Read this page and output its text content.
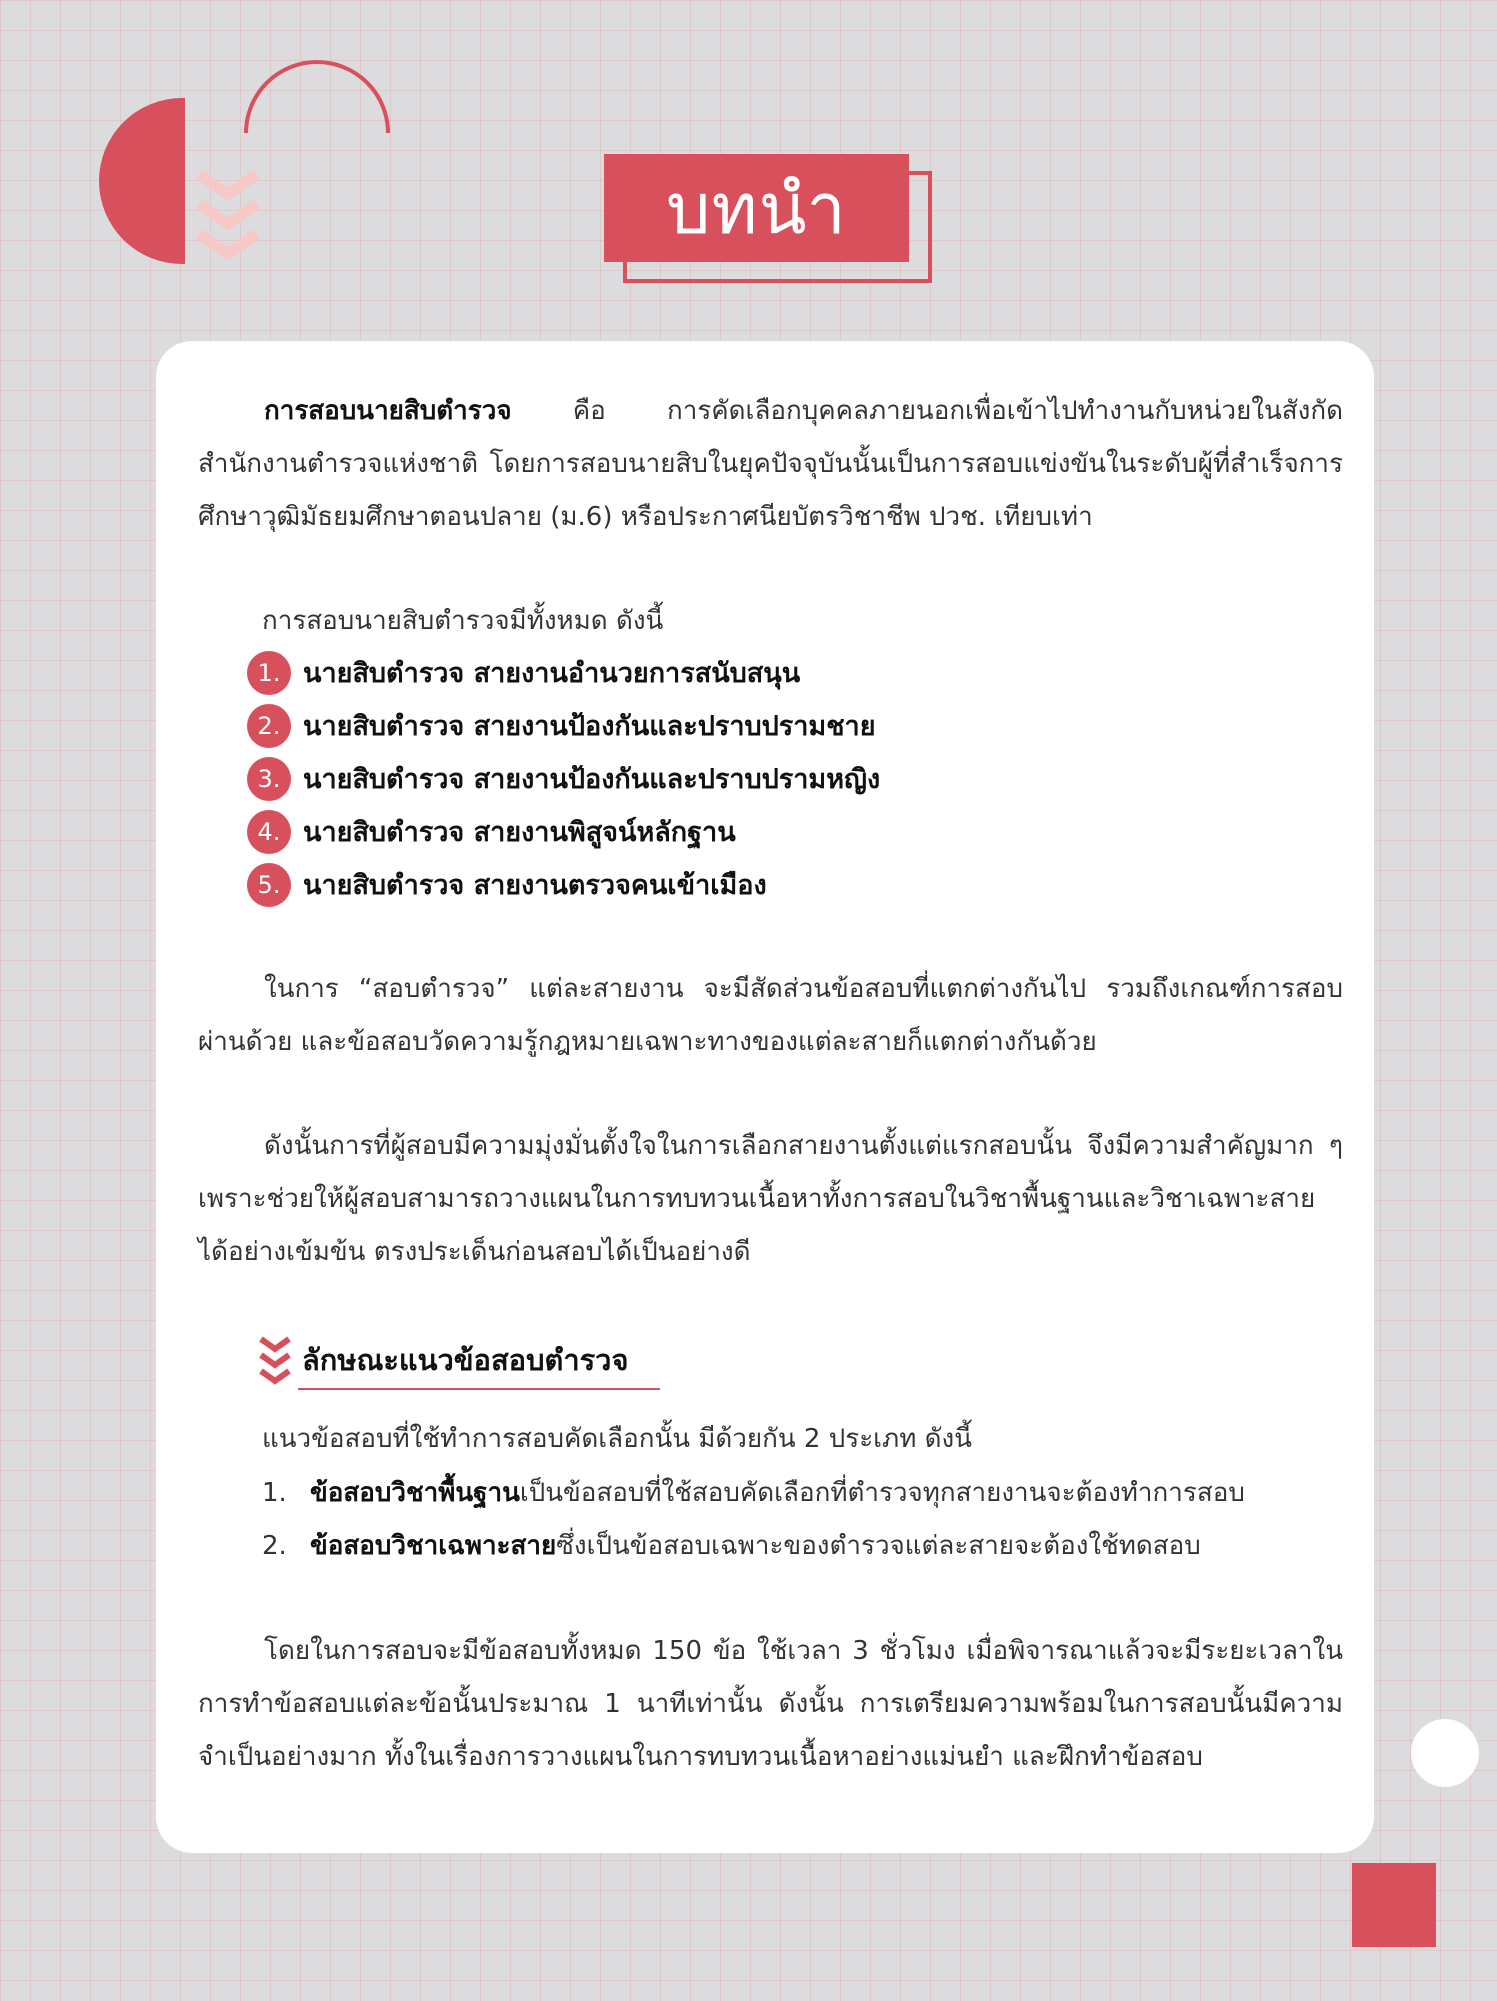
บทนำ

การสอบนายสิบตำรวจ คือ การคัดเลือกบุคคลภายนอกเพื่อเข้าไปทำงานกับหน่วยในสังกัดสำนักงานตำรวจแห่งชาติ โดยการสอบนายสิบในยุคปัจจุบันนั้นเป็นการสอบแข่งขันในระดับผู้ที่สำเร็จการศึกษาวุฒิมัธยมศึกษาตอนปลาย (ม.6) หรือประกาศนียบัตรวิชาชีพ ปวช. เทียบเท่า

การสอบนายสิบตำรวจมีทั้งหมด ดังนี้
1. นายสิบตำรวจ สายงานอำนวยการสนับสนุน
2. นายสิบตำรวจ สายงานป้องกันและปราบปรามชาย
3. นายสิบตำรวจ สายงานป้องกันและปราบปรามหญิง
4. นายสิบตำรวจ สายงานพิสูจน์หลักฐาน
5. นายสิบตำรวจ สายงานตรวจคนเข้าเมือง

ในการ “สอบตำรวจ” แต่ละสายงาน จะมีสัดส่วนข้อสอบที่แตกต่างกันไป รวมถึงเกณฑ์การสอบผ่านด้วย และข้อสอบวัดความรู้กฎหมายเฉพาะทางของแต่ละสายก็แตกต่างกันด้วย

ดังนั้นการที่ผู้สอบมีความมุ่งมั่นตั้งใจในการเลือกสายงานตั้งแต่แรกสอบนั้น จึงมีความสำคัญมาก ๆ เพราะช่วยให้ผู้สอบสามารถวางแผนในการทบทวนเนื้อหาทั้งการสอบในวิชาพื้นฐานและวิชาเฉพาะสายได้อย่างเข้มข้น ตรงประเด็นก่อนสอบได้เป็นอย่างดี

ลักษณะแนวข้อสอบตำรวจ
แนวข้อสอบที่ใช้ทำการสอบคัดเลือกนั้น มีด้วยกัน 2 ประเภท ดังนี้
1. ข้อสอบวิชาพื้นฐาน เป็นข้อสอบที่ใช้สอบคัดเลือกที่ตำรวจทุกสายงานจะต้องทำการสอบ
2. ข้อสอบวิชาเฉพาะสาย ซึ่งเป็นข้อสอบเฉพาะของตำรวจแต่ละสายจะต้องใช้ทดสอบ

โดยในการสอบจะมีข้อสอบทั้งหมด 150 ข้อ ใช้เวลา 3 ชั่วโมง เมื่อพิจารณาแล้วจะมีระยะเวลาในการทำข้อสอบแต่ละข้อนั้นประมาณ 1 นาทีเท่านั้น ดังนั้น การเตรียมความพร้อมในการสอบนั้นมีความจำเป็นอย่างมาก ทั้งในเรื่องการวางแผนในการทบทวนเนื้อหาอย่างแม่นยำ และฝึกทำข้อสอบ
